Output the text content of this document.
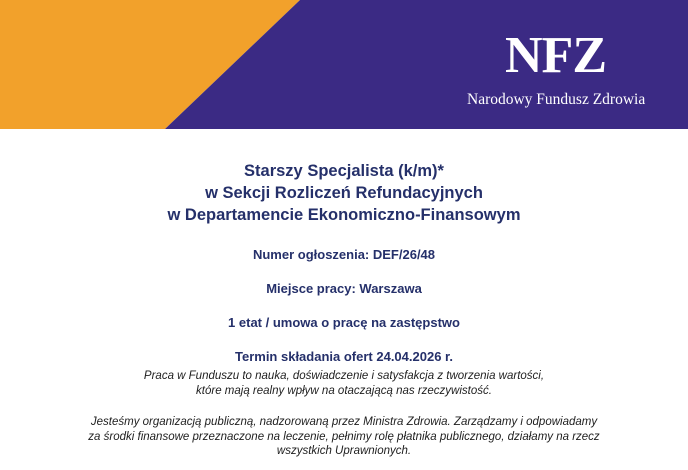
NFZ
Narodowy Fundusz Zdrowia
Starszy Specjalista (k/m)*
w Sekcji Rozliczeń Refundacyjnych
w Departamencie Ekonomiczno-Finansowym
Numer ogłoszenia: DEF/26/48
Miejsce pracy: Warszawa
1 etat / umowa o pracę na zastępstwo
Termin składania ofert 24.04.2026 r.
Praca w Funduszu to nauka, doświadczenie i satysfakcja z tworzenia wartości,
które mają realny wpływ na otaczającą nas rzeczywistość.
Jesteśmy organizacją publiczną, nadzorowaną przez Ministra Zdrowia. Zarządzamy i odpowiadamy
za środki finansowe przeznaczone na leczenie, pełnimy rolę płatnika publicznego, działamy na rzecz
wszystkich Uprawnionych.
